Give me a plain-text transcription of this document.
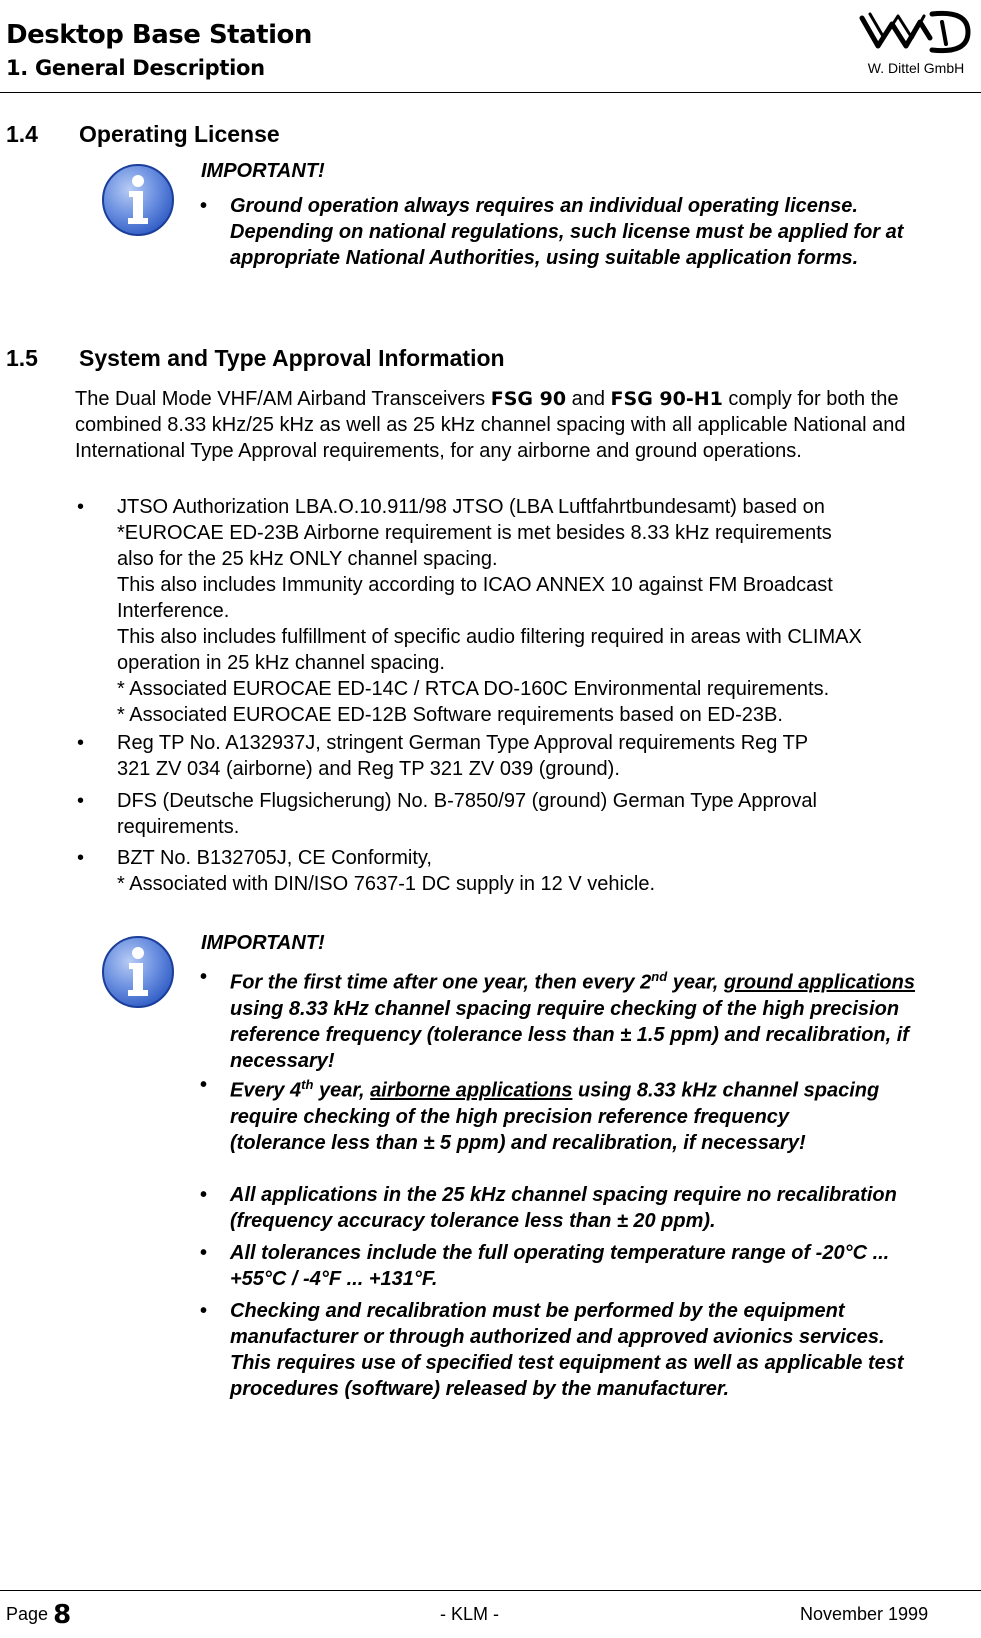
Desktop Base Station
1. General Description	W. Dittel GmbH
1.4 Operating License
IMPORTANT!
• Ground operation always requires an individual operating license. Depending on national regulations, such license must be applied for at appropriate National Authorities, using suitable application forms.
1.5 System and Type Approval Information
The Dual Mode VHF/AM Airband Transceivers FSG 90 and FSG 90-H1 comply for both the combined 8.33 kHz/25 kHz as well as 25 kHz channel spacing with all applicable National and International Type Approval requirements, for any airborne and ground operations.
• JTSO Authorization LBA.O.10.911/98 JTSO (LBA Luftfahrtbundesamt) based on
*EUROCAE ED-23B Airborne requirement is met besides 8.33 kHz requirements
also for the 25 kHz ONLY channel spacing.
This also includes Immunity according to ICAO ANNEX 10 against FM Broadcast
Interference.
This also includes fulfillment of specific audio filtering required in areas with CLIMAX
operation in 25 kHz channel spacing.
* Associated EUROCAE ED-14C / RTCA DO-160C Environmental requirements.
* Associated EUROCAE ED-12B Software requirements based on ED-23B.
• Reg TP No. A132937J, stringent German Type Approval requirements Reg TP
321 ZV 034 (airborne) and Reg TP 321 ZV 039 (ground).
• DFS (Deutsche Flugsicherung) No. B-7850/97 (ground) German Type Approval
requirements.
• BZT No. B132705J, CE Conformity,
* Associated with DIN/ISO 7637-1 DC supply in 12 V vehicle.
IMPORTANT!
• For the first time after one year, then every 2nd year, ground applications using 8.33 kHz channel spacing require checking of the high precision reference frequency (tolerance less than ± 1.5 ppm) and recalibration, if necessary!
• Every 4th year, airborne applications using 8.33 kHz channel spacing require checking of the high precision reference frequency (tolerance less than ± 5 ppm) and recalibration, if necessary!
• All applications in the 25 kHz channel spacing require no recalibration (frequency accuracy tolerance less than ± 20 ppm).
• All tolerances include the full operating temperature range of -20°C ... +55°C / -4°F ... +131°F.
• Checking and recalibration must be performed by the equipment manufacturer or through authorized and approved avionics services. This requires use of specified test equipment as well as applicable test procedures (software) released by the manufacturer.
Page 8	- KLM -	November 1999
